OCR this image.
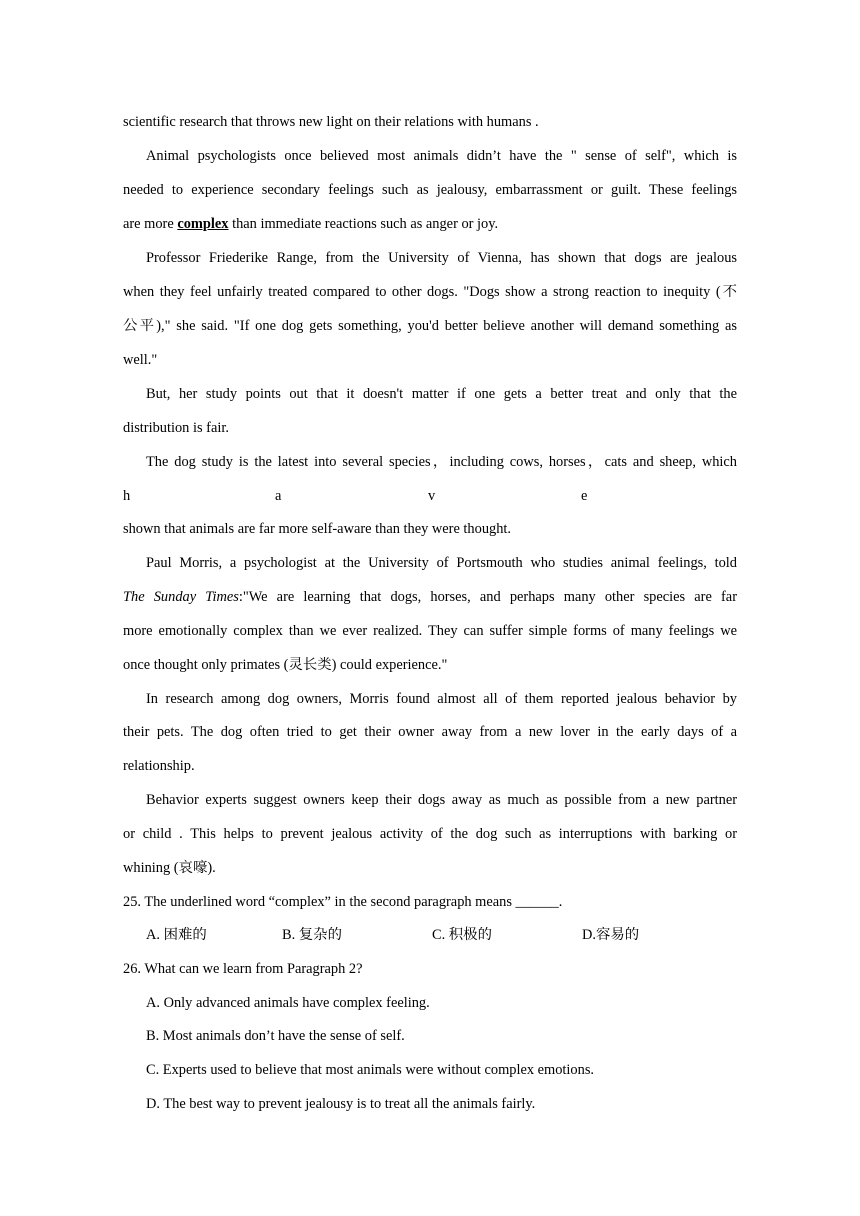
scientific research that throws new light on their relations with humans .
Animal psychologists once believed most animals didn’t have the " sense of self", which is
needed to experience secondary feelings such as jealousy, embarrassment or guilt. These feelings
are more complex than immediate reactions such as anger or joy.
Professor Friederike Range, from the University of Vienna, has shown that dogs are jealous
when they feel unfairly treated compared to other dogs. "Dogs show a strong reaction to inequity (不
公平)," she said. "If one dog gets something, you'd better believe another will demand something as
well."
But, her study points out that it doesn't matter if one gets a better treat and only that the
distribution is fair.
The dog study is the latest into several species，including cows, horses，cats and sheep, which
h	a	v	e
shown that animals are far more self-aware than they were thought.
Paul Morris, a psychologist at the University of Portsmouth who studies animal feelings, told
The Sunday Times:"We are learning that dogs, horses, and perhaps many other species are far
more emotionally complex than we ever realized. They can suffer simple forms of many feelings we
once thought only primates (灵长类) could experience."
In research among dog owners, Morris found almost all of them reported jealous behavior by
their pets. The dog often tried to get their owner away from a new lover in the early days of a
relationship.
Behavior experts suggest owners keep their dogs away as much as possible from a new partner
or child . This helps to prevent jealous activity of the dog such as interruptions with barking or
whining (哀嚎).
25. The underlined word “complex” in the second paragraph means ______.
A. 困难的	B. 复杂的	C. 积极的	D.容易的
26. What can we learn from Paragraph 2?
A. Only advanced animals have complex feeling.
B. Most animals don’t have the sense of self.
C. Experts used to believe that most animals were without complex emotions.
D. The best way to prevent jealousy is to treat all the animals fairly.
